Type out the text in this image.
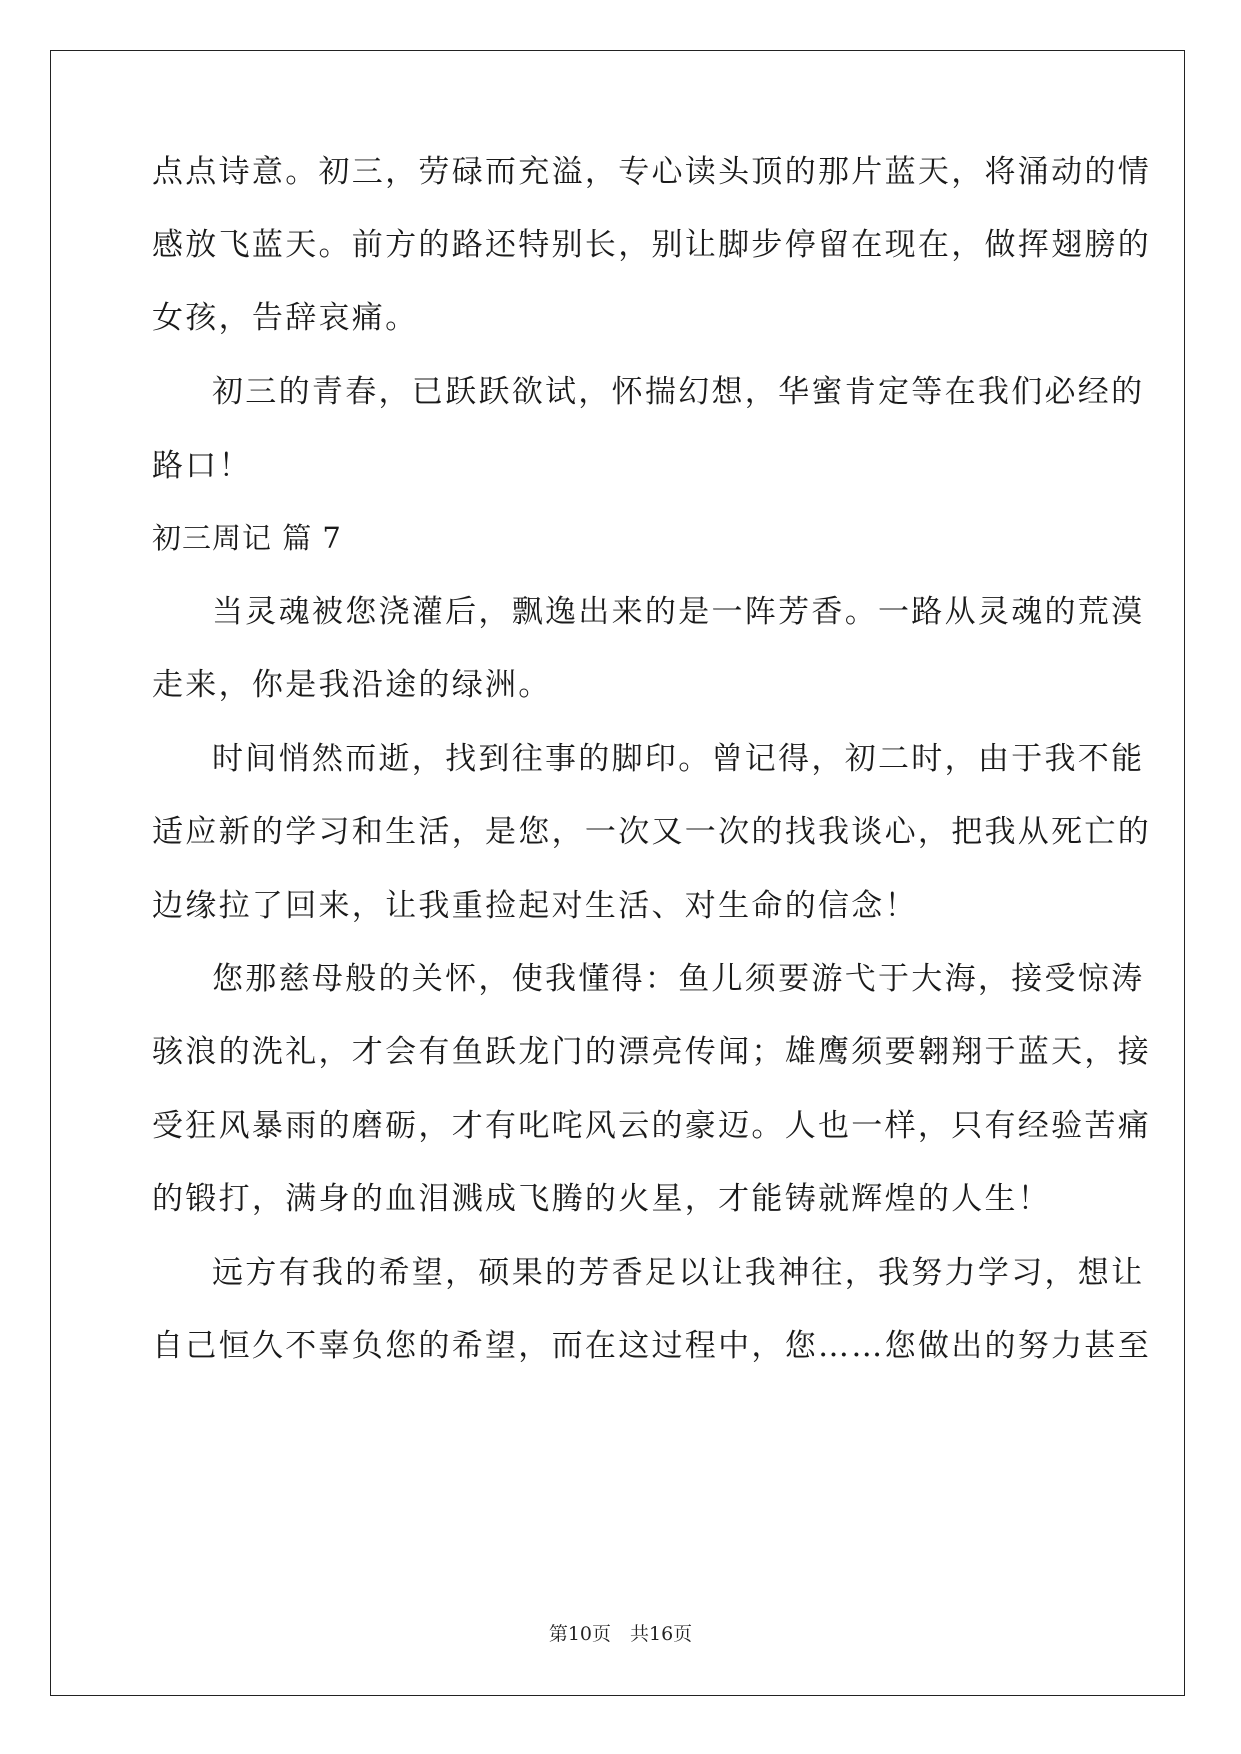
点点诗意。初三，劳碌而充溢，专心读头顶的那片蓝天，将涌动的情
感放飞蓝天。前方的路还特别长，别让脚步停留在现在，做挥翅膀的
女孩，告辞哀痛。
初三的青春，已跃跃欲试，怀揣幻想，华蜜肯定等在我们必经的
路口！
初三周记 篇 7
当灵魂被您浇灌后，飘逸出来的是一阵芳香。一路从灵魂的荒漠
走来，你是我沿途的绿洲。
时间悄然而逝，找到往事的脚印。曾记得，初二时，由于我不能
适应新的学习和生活，是您，一次又一次的找我谈心，把我从死亡的
边缘拉了回来，让我重捡起对生活、对生命的信念！
您那慈母般的关怀，使我懂得：鱼儿须要游弋于大海，接受惊涛
骇浪的洗礼，才会有鱼跃龙门的漂亮传闻；雄鹰须要翱翔于蓝天，接
受狂风暴雨的磨砺，才有叱咤风云的豪迈。人也一样，只有经验苦痛
的锻打，满身的血泪溅成飞腾的火星，才能铸就辉煌的人生！
远方有我的希望，硕果的芳香足以让我神往，我努力学习，想让
自己恒久不辜负您的希望，而在这过程中，您……您做出的努力甚至
第10页　共16页
